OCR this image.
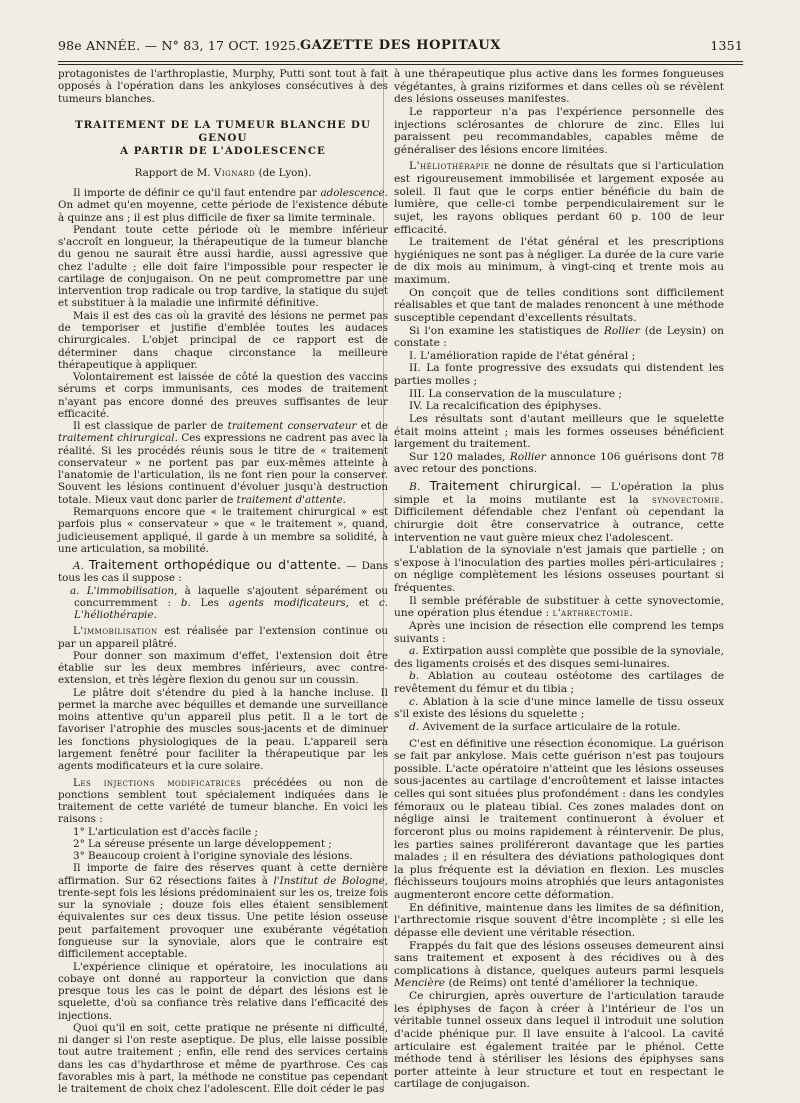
98e ANNÉE. — N° 83, 17 OCT. 1925. GAZETTE DES HOPITAUX	1351

protagonistes de l'arthroplastie, Murphy, Putti sont tout à fait opposés à l'opération dans les ankyloses consécutives à des tumeurs blanches.

TRAITEMENT DE LA TUMEUR BLANCHE DU GENOU
A PARTIR DE L'ADOLESCENCE
Rapport de M. Vignard (de Lyon).

Il importe de définir ce qu'il faut entendre par adolescence. On admet qu'en moyenne, cette période de l'existence débute à quinze ans ; il est plus difficile de fixer sa limite terminale.

Pendant toute cette période où le membre inférieur s'accroît en longueur, la thérapeutique de la tumeur blanche du genou ne saurait être aussi hardie, aussi agressive que chez l'adulte ; elle doit faire l'impossible pour respecter le cartilage de conjugaison. On ne peut compromettre par une intervention trop radicale ou trop tardive, la statique du sujet et substituer à la maladie une infirmité définitive.

Mais il est des cas où la gravité des lésions ne permet pas de temporiser et justifie d'emblée toutes les audaces chirurgicales. L'objet principal de ce rapport est de déterminer dans chaque circonstance la meilleure thérapeutique à appliquer.

Volontairement est laissée de côté la question des vaccins sérums et corps immunisants, ces modes de traitement n'ayant pas encore donné des preuves suffisantes de leur efficacité.

Il est classique de parler de traitement conservateur et de traitement chirurgical. Ces expressions ne cadrent pas avec la réalité. Si les procédés réunis sous le titre de « traitement conservateur » ne portent pas par eux-mêmes atteinte à l'anatomie de l'articulation, ils ne font rien pour la conserver. Souvent les lésions continuent d'évoluer jusqu'à destruction totale. Mieux vaut donc parler de traitement d'attente.

Remarquons encore que « le traitement chirurgical » est parfois plus « conservateur » que « le traitement », quand, judicieusement appliqué, il garde à un membre sa solidité, à une articulation, sa mobilité.

A. Traitement orthopédique ou d'attente. — Dans tous les cas il suppose :

a. L'immobilisation, à laquelle s'ajoutent séparément ou concurremment : b. Les agents modificateurs, et c. L'héliothérapie.

L'immobilisation est réalisée par l'extension continue ou par un appareil plâtré.

Pour donner son maximum d'effet, l'extension doit être établie sur les deux membres inférieurs, avec contre-extension, et très légère flexion du genou sur un coussin.

Le plâtre doit s'étendre du pied à la hanche incluse. Il permet la marche avec béquilles et demande une surveillance moins attentive qu'un appareil plus petit. Il a le tort de favoriser l'atrophie des muscles sous-jacents et de diminuer les fonctions physiologiques de la peau. L'appareil sera largement fenêtré pour faciliter la thérapeutique par les agents modificateurs et la cure solaire.

Les injections modificatrices précédées ou non de ponctions semblent tout spécialement indiquées dans le traitement de cette variété de tumeur blanche. En voici les raisons :

1° L'articulation est d'accès facile ;

2° La séreuse présente un large développement ;

3° Beaucoup croient à l'origine synoviale des lésions.

Il importe de faire des réserves quant à cette dernière affirmation. Sur 62 résections faites à l'Institut de Bologne, trente-sept fois les lésions prédominaient sur les os, treize fois sur la synoviale ; douze fois elles étaient sensiblement équivalentes sur ces deux tissus. Une petite lésion osseuse peut parfaitement provoquer une exubérante végétation fongueuse sur la synoviale, alors que le contraire est difficilement acceptable.

L'expérience clinique et opératoire, les inoculations au cobaye ont donné au rapporteur la conviction que dans presque tous les cas le point de départ des lésions est le squelette, d'où sa confiance très relative dans l'efficacité des injections.

Quoi qu'il en soit, cette pratique ne présente ni difficulté, ni danger si l'on reste aseptique. De plus, elle laisse possible tout autre traitement ; enfin, elle rend des services certains dans les cas d'hydarthrose et même de pyarthrose. Ces cas favorables mis à part, la méthode ne constitue pas cependant le traitement de choix chez l'adolescent. Elle doit céder le pas

à une thérapeutique plus active dans les formes fongueuses végétantes, à grains riziformes et dans celles où se révèlent des lésions osseuses manifestes.

Le rapporteur n'a pas l'expérience personnelle des injections sclérosantes de chlorure de zinc. Elles lui paraissent peu recommandables, capables même de généraliser des lésions encore limitées.

L'héliothérapie ne donne de résultats que si l'articulation est rigoureusement immobilisée et largement exposée au soleil. Il faut que le corps entier bénéficie du bain de lumière, que celle-ci tombe perpendiculairement sur le sujet, les rayons obliques perdant 60 p. 100 de leur efficacité.

Le traitement de l'état général et les prescriptions hygiéniques ne sont pas à négliger. La durée de la cure varie de dix mois au minimum, à vingt-cinq et trente mois au maximum.

On conçoit que de telles conditions sont difficilement réalisables et que tant de malades renoncent à une méthode susceptible cependant d'excellents résultats.

Si l'on examine les statistiques de Rollier (de Leysin) on constate :

I. L'amélioration rapide de l'état général ;

II. La fonte progressive des exsudats qui distendent les parties molles ;

III. La conservation de la musculature ;

IV. La recalcification des épiphyses.

Les résultats sont d'autant meilleurs que le squelette était moins atteint ; mais les formes osseuses bénéficient largement du traitement.

Sur 120 malades, Rollier annonce 106 guérisons dont 78 avec retour des ponctions.

B. Traitement chirurgical. — L'opération la plus simple et la moins mutilante est la synovectomie. Difficilement défendable chez l'enfant où cependant la chirurgie doit être conservatrice à outrance, cette intervention ne vaut guère mieux chez l'adolescent.

L'ablation de la synoviale n'est jamais que partielle ; on s'expose à l'inoculation des parties molles péri-articulaires ; on néglige complètement les lésions osseuses pourtant si fréquentes.

Il semble préférable de substituer à cette synovectomie, une opération plus étendue : l'arthrectomie.

Après une incision de résection elle comprend les temps suivants :

a. Extirpation aussi complète que possible de la synoviale, des ligaments croisés et des disques semi-lunaires.

b. Ablation au couteau ostéotome des cartilages de revêtement du fémur et du tibia ;

c. Ablation à la scie d'une mince lamelle de tissu osseux s'il existe des lésions du squelette ;

d. Avivement de la surface articulaire de la rotule.

C'est en définitive une résection économique. La guérison se fait par ankylose. Mais cette guérison n'est pas toujours possible. L'acte opératoire n'atteint que les lésions osseuses sous-jacentes au cartilage d'encroûtement et laisse intactes celles qui sont situées plus profondément : dans les condyles fémoraux ou le plateau tibial. Ces zones malades dont on néglige ainsi le traitement continueront à évoluer et forceront plus ou moins rapidement à réintervenir. De plus, les parties saines proliféreront davantage que les parties malades ; il en résultera des déviations pathologiques dont la plus fréquente est la déviation en flexion. Les muscles fléchisseurs toujours moins atrophiés que leurs antagonistes augmenteront encore cette déformation.

En définitive, maintenue dans les limites de sa définition, l'arthrectomie risque souvent d'être incomplète ; si elle les dépasse elle devient une véritable résection.

Frappés du fait que des lésions osseuses demeurent ainsi sans traitement et exposent à des récidives ou à des complications à distance, quelques auteurs parmi lesquels Mencière (de Reims) ont tenté d'améliorer la technique.

Ce chirurgien, après ouverture de l'articulation taraude les épiphyses de façon à créer à l'intérieur de l'os un véritable tunnel osseux dans lequel il introduit une solution d'acide phénique pur. Il lave ensuite à l'alcool. La cavité articulaire est également traitée par le phénol. Cette méthode tend à stériliser les lésions des épiphyses sans porter atteinte à leur structure et tout en respectant le cartilage de conjugaison.
